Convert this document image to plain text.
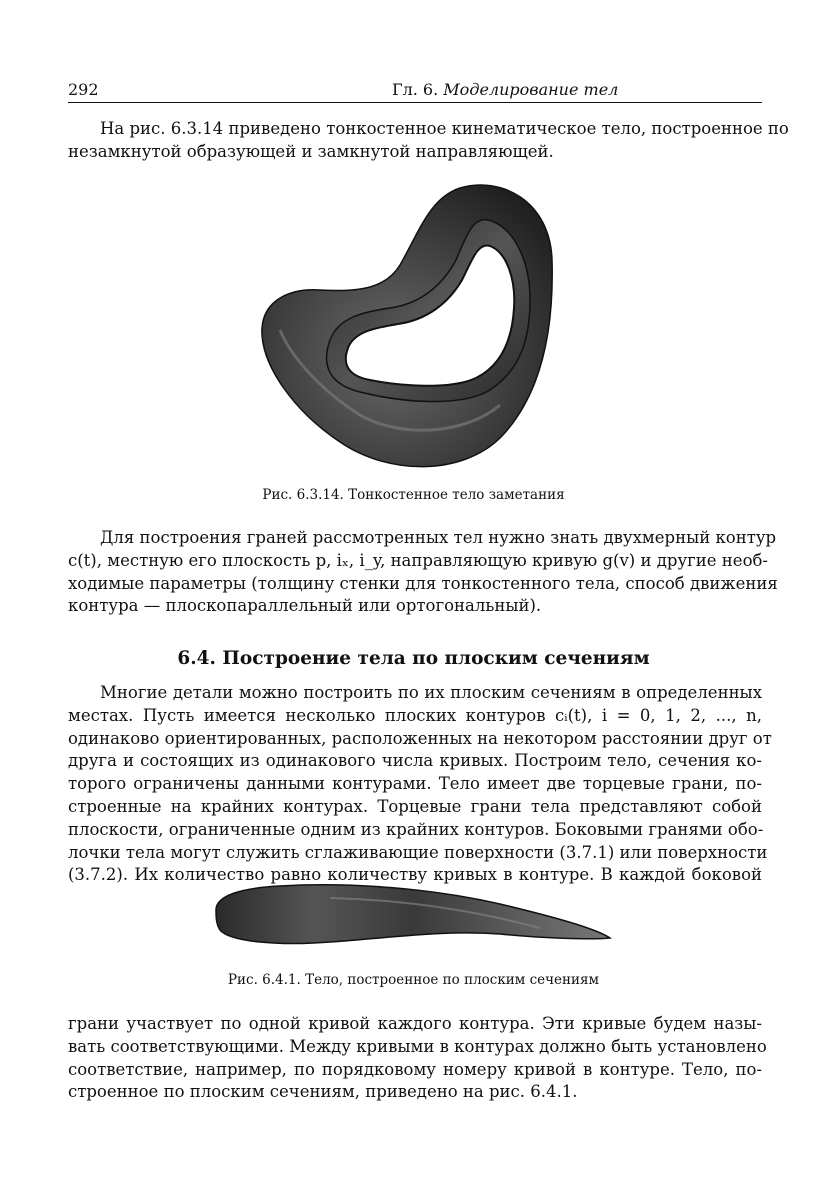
292	Гл. 6. Моделирование тел
На рис. 6.3.14 приведено тонкостенное кинематическое тело, построенное по
незамкнутой образующей и замкнутой направляющей.
Рис. 6.3.14. Тонкостенное тело заметания
Для построения граней рассмотренных тел нужно знать двухмерный контур
c(t), местную его плоскость p, iₓ, i_y, направляющую кривую g(v) и другие необ-
ходимые параметры (толщину стенки для тонкостенного тела, способ движения
контура — плоскопараллельный или ортогональный).
6.4. Построение тела по плоским сечениям
Многие детали можно построить по их плоским сечениям в определенных
местах. Пусть имеется несколько плоских контуров cᵢ(t), i = 0, 1, 2, ..., n,
одинаково ориентированных, расположенных на некотором расстоянии друг от
друга и состоящих из одинакового числа кривых. Построим тело, сечения ко-
торого ограничены данными контурами. Тело имеет две торцевые грани, по-
строенные на крайних контурах. Торцевые грани тела представляют собой
плоскости, ограниченные одним из крайних контуров. Боковыми гранями обо-
лочки тела могут служить сглаживающие поверхности (3.7.1) или поверхности
(3.7.2). Их количество равно количеству кривых в контуре. В каждой боковой
Рис. 6.4.1. Тело, построенное по плоским сечениям
грани участвует по одной кривой каждого контура. Эти кривые будем назы-
вать соответствующими. Между кривыми в контурах должно быть установлено
соответствие, например, по порядковому номеру кривой в контуре. Тело, по-
строенное по плоским сечениям, приведено на рис. 6.4.1.
